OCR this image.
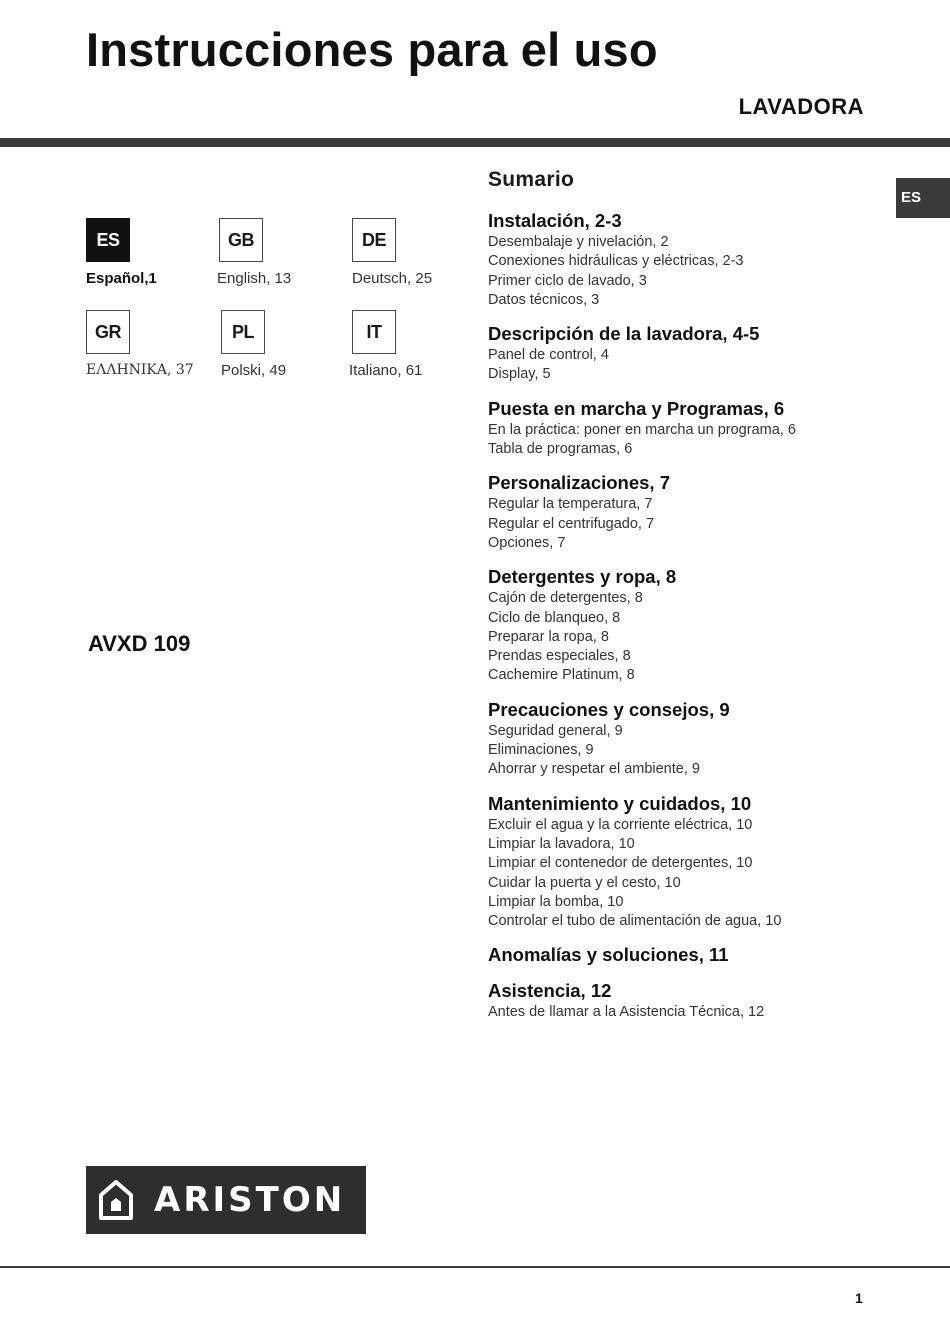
Instrucciones para el uso
LAVADORA
ES
ES
Español,1
GB
English, 13
DE
Deutsch, 25
GR
ΕΛΛΗΝΙΚΑ, 37
PL
Polski, 49
IT
Italiano, 61
AVXD 109
Sumario
Instalación, 2-3
Desembalaje y nivelación, 2
Conexiones hidráulicas y eléctricas, 2-3
Primer ciclo de lavado, 3
Datos técnicos, 3
Descripción de la lavadora, 4-5
Panel de control, 4
Display, 5
Puesta en marcha y Programas, 6
En la práctica: poner en marcha un programa, 6
Tabla de programas, 6
Personalizaciones, 7
Regular la temperatura, 7
Regular el centrifugado, 7
Opciones, 7
Detergentes y ropa, 8
Cajón de detergentes, 8
Ciclo de blanqueo, 8
Preparar la ropa, 8
Prendas especiales, 8
Cachemire Platinum, 8
Precauciones y consejos, 9
Seguridad general, 9
Eliminaciones, 9
Ahorrar y respetar el ambiente, 9
Mantenimiento y cuidados, 10
Excluir el agua y la corriente eléctrica, 10
Limpiar la lavadora, 10
Limpiar el contenedor de detergentes, 10
Cuidar la puerta y el cesto, 10
Limpiar la bomba, 10
Controlar el tubo de alimentación de agua, 10
Anomalías y soluciones, 11
Asistencia, 12
Antes de llamar a la Asistencia Técnica, 12
ARISTON
1
